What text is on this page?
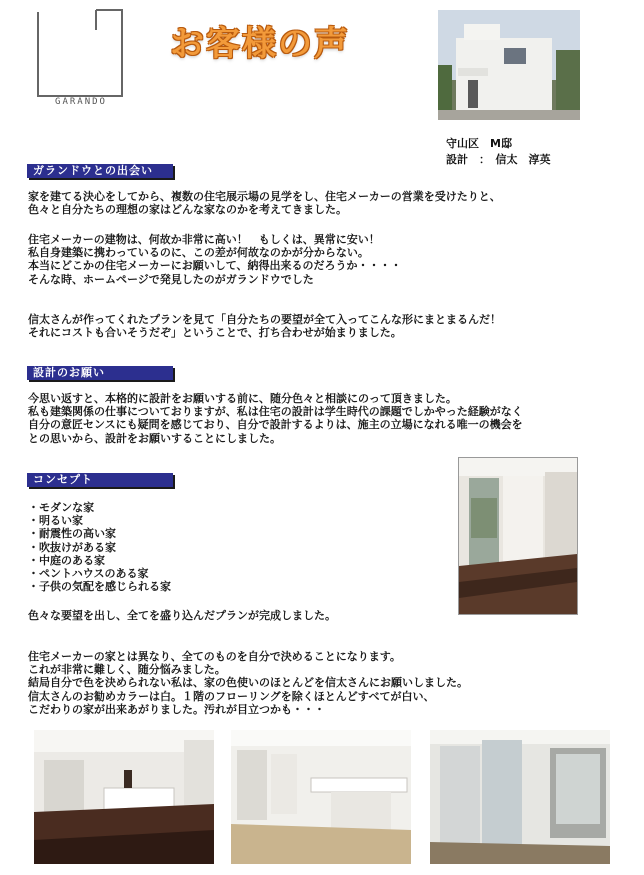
GARANDO
お客様の声
守山区　M邸
設計　：　信太　淳英
ガランドウとの出会い
家を建てる決心をしてから、複数の住宅展示場の見学をし、住宅メーカーの営業を受けたりと、
色々と自分たちの理想の家はどんな家なのかを考えてきました。
住宅メーカーの建物は、何故か非常に高い！　もしくは、異常に安い！
私自身建築に携わっているのに、この差が何故なのかが分からない。
本当にどこかの住宅メーカーにお願いして、納得出来るのだろうか・・・・
そんな時、ホームページで発見したのがガランドウでした
信太さんが作ってくれたプランを見て「自分たちの要望が全て入ってこんな形にまとまるんだ！
それにコストも合いそうだぞ」ということで、打ち合わせが始まりました。
設計のお願い
今思い返すと、本格的に設計をお願いする前に、随分色々と相談にのって頂きました。
私も建築関係の仕事についておりますが、私は住宅の設計は学生時代の課題でしかやった経験がなく
自分の意匠センスにも疑問を感じており、自分で設計するよりは、施主の立場になれる唯一の機会を
との思いから、設計をお願いすることにしました。
コンセプト
・モダンな家
・明るい家
・耐震性の高い家
・吹抜けがある家
・中庭のある家
・ペントハウスのある家
・子供の気配を感じられる家
色々な要望を出し、全てを盛り込んだプランが完成しました。
住宅メーカーの家とは異なり、全てのものを自分で決めることになります。
これが非常に難しく、随分悩みました。
結局自分で色を決められない私は、家の色使いのほとんどを信太さんにお願いしました。
信太さんのお勧めカラーは白。１階のフローリングを除くほとんどすべてが白い、
こだわりの家が出来あがりました。汚れが目立つかも・・・
